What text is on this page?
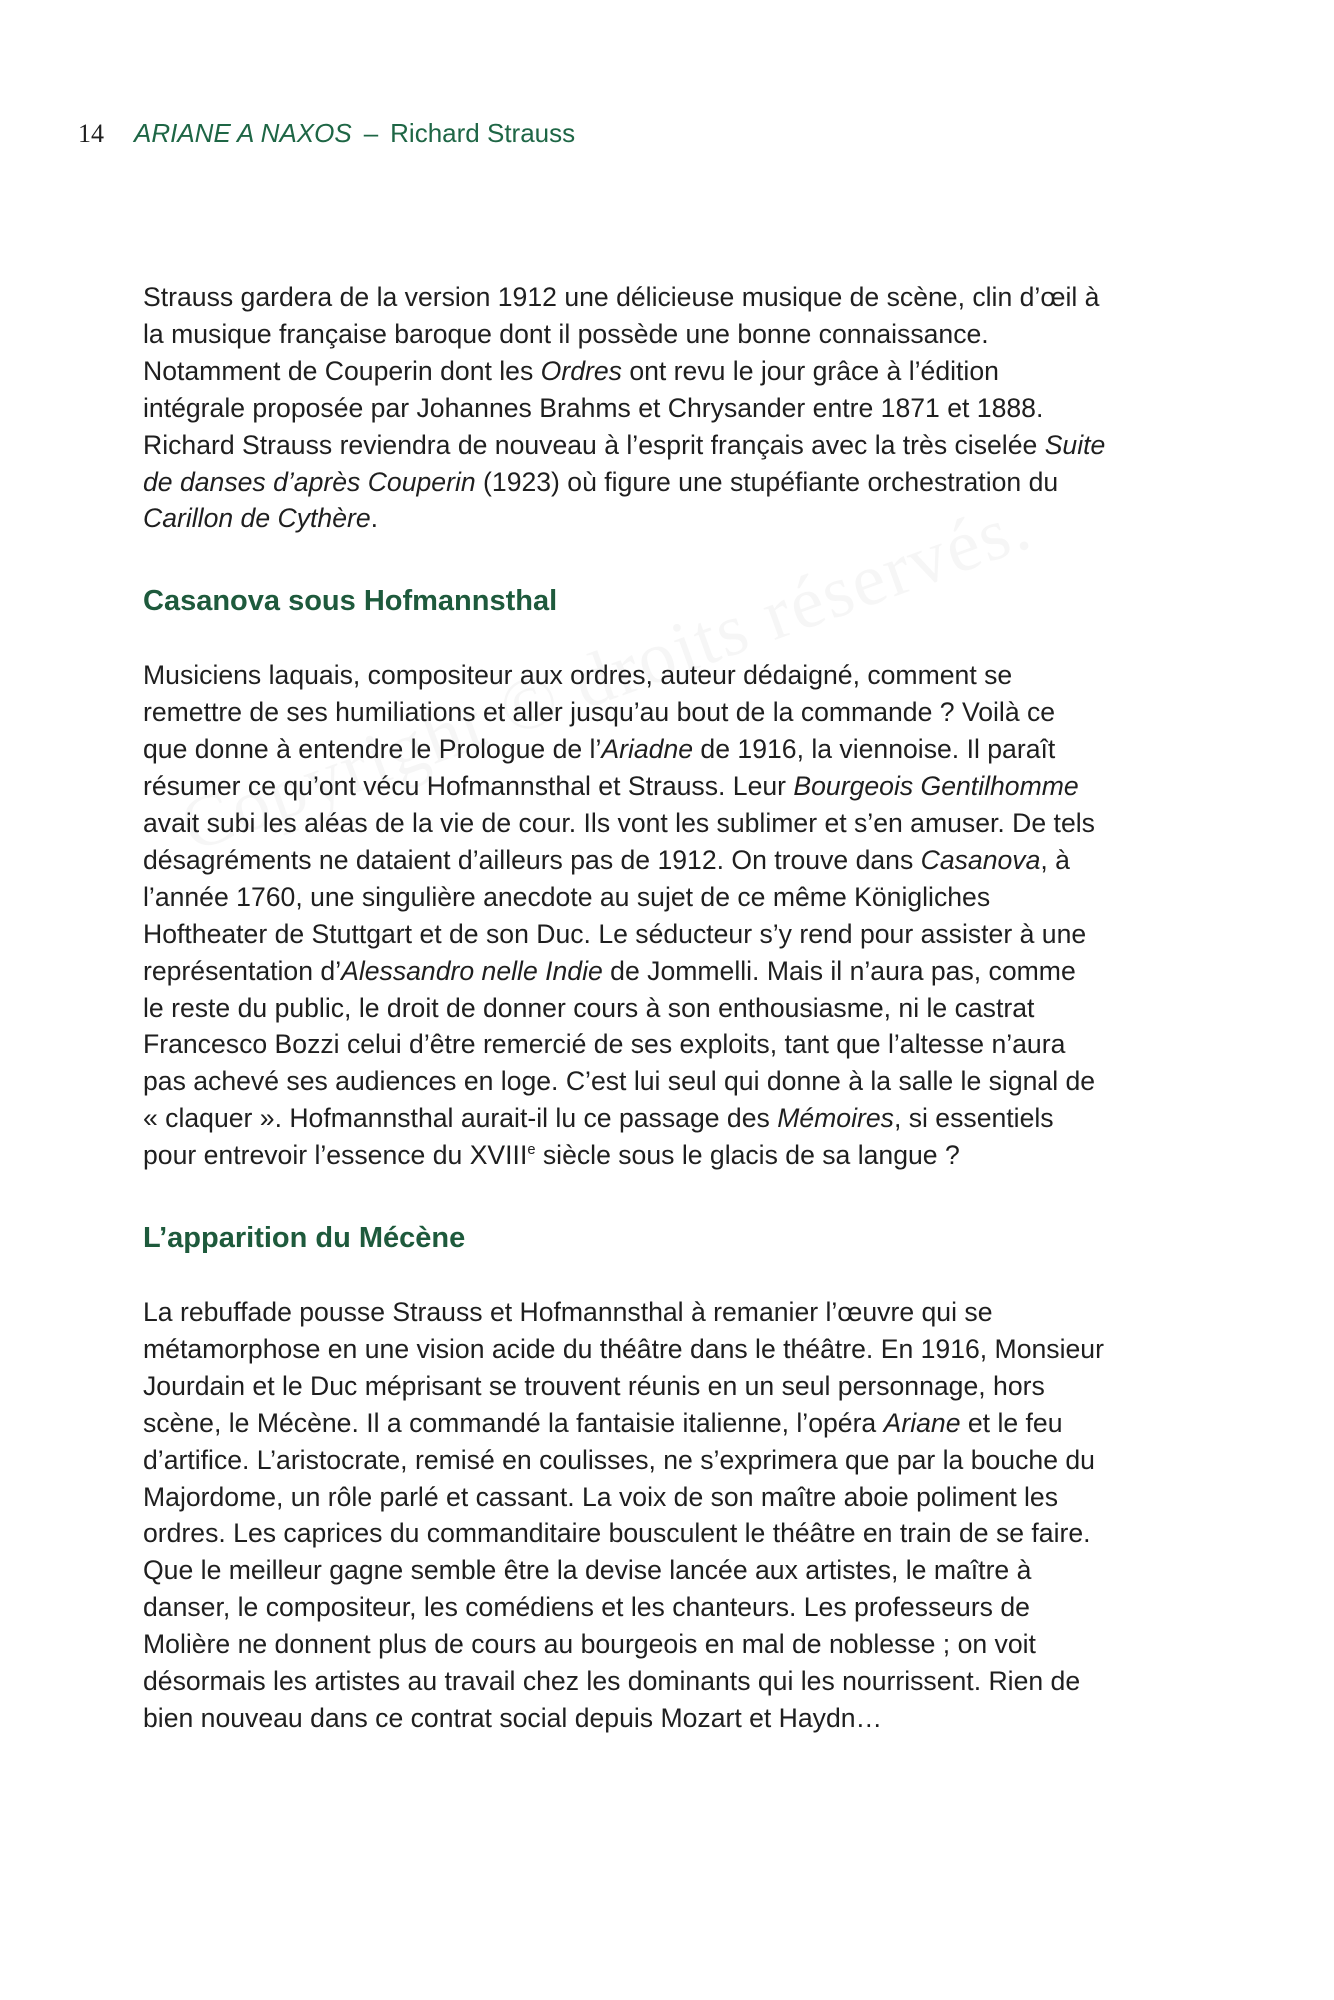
14 ARIANE A NAXOS – Richard Strauss

Strauss gardera de la version 1912 une délicieuse musique de scène, clin d’œil à
la musique française baroque dont il possède une bonne connaissance.
Notamment de Couperin dont les Ordres ont revu le jour grâce à l’édition
intégrale proposée par Johannes Brahms et Chrysander entre 1871 et 1888.
Richard Strauss reviendra de nouveau à l’esprit français avec la très ciselée Suite
de danses d’après Couperin (1923) où figure une stupéfiante orchestration du
Carillon de Cythère.

Casanova sous Hofmannsthal

Musiciens laquais, compositeur aux ordres, auteur dédaigné, comment se
remettre de ses humiliations et aller jusqu’au bout de la commande ? Voilà ce
que donne à entendre le Prologue de l’Ariadne de 1916, la viennoise. Il paraît
résumer ce qu’ont vécu Hofmannsthal et Strauss. Leur Bourgeois Gentilhomme
avait subi les aléas de la vie de cour. Ils vont les sublimer et s’en amuser. De tels
désagréments ne dataient d’ailleurs pas de 1912. On trouve dans Casanova, à
l’année 1760, une singulière anecdote au sujet de ce même Königliches
Hoftheater de Stuttgart et de son Duc. Le séducteur s’y rend pour assister à une
représentation d’Alessandro nelle Indie de Jommelli. Mais il n’aura pas, comme
le reste du public, le droit de donner cours à son enthousiasme, ni le castrat
Francesco Bozzi celui d’être remercié de ses exploits, tant que l’altesse n’aura
pas achevé ses audiences en loge. C’est lui seul qui donne à la salle le signal de
« claquer ». Hofmannsthal aurait-il lu ce passage des Mémoires, si essentiels
pour entrevoir l’essence du XVIIIe siècle sous le glacis de sa langue ?

L’apparition du Mécène

La rebuffade pousse Strauss et Hofmannsthal à remanier l’œuvre qui se
métamorphose en une vision acide du théâtre dans le théâtre. En 1916, Monsieur
Jourdain et le Duc méprisant se trouvent réunis en un seul personnage, hors
scène, le Mécène. Il a commandé la fantaisie italienne, l’opéra Ariane et le feu
d’artifice. L’aristocrate, remisé en coulisses, ne s’exprimera que par la bouche du
Majordome, un rôle parlé et cassant. La voix de son maître aboie poliment les
ordres. Les caprices du commanditaire bousculent le théâtre en train de se faire.
Que le meilleur gagne semble être la devise lancée aux artistes, le maître à
danser, le compositeur, les comédiens et les chanteurs. Les professeurs de
Molière ne donnent plus de cours au bourgeois en mal de noblesse ; on voit
désormais les artistes au travail chez les dominants qui les nourrissent. Rien de
bien nouveau dans ce contrat social depuis Mozart et Haydn…
